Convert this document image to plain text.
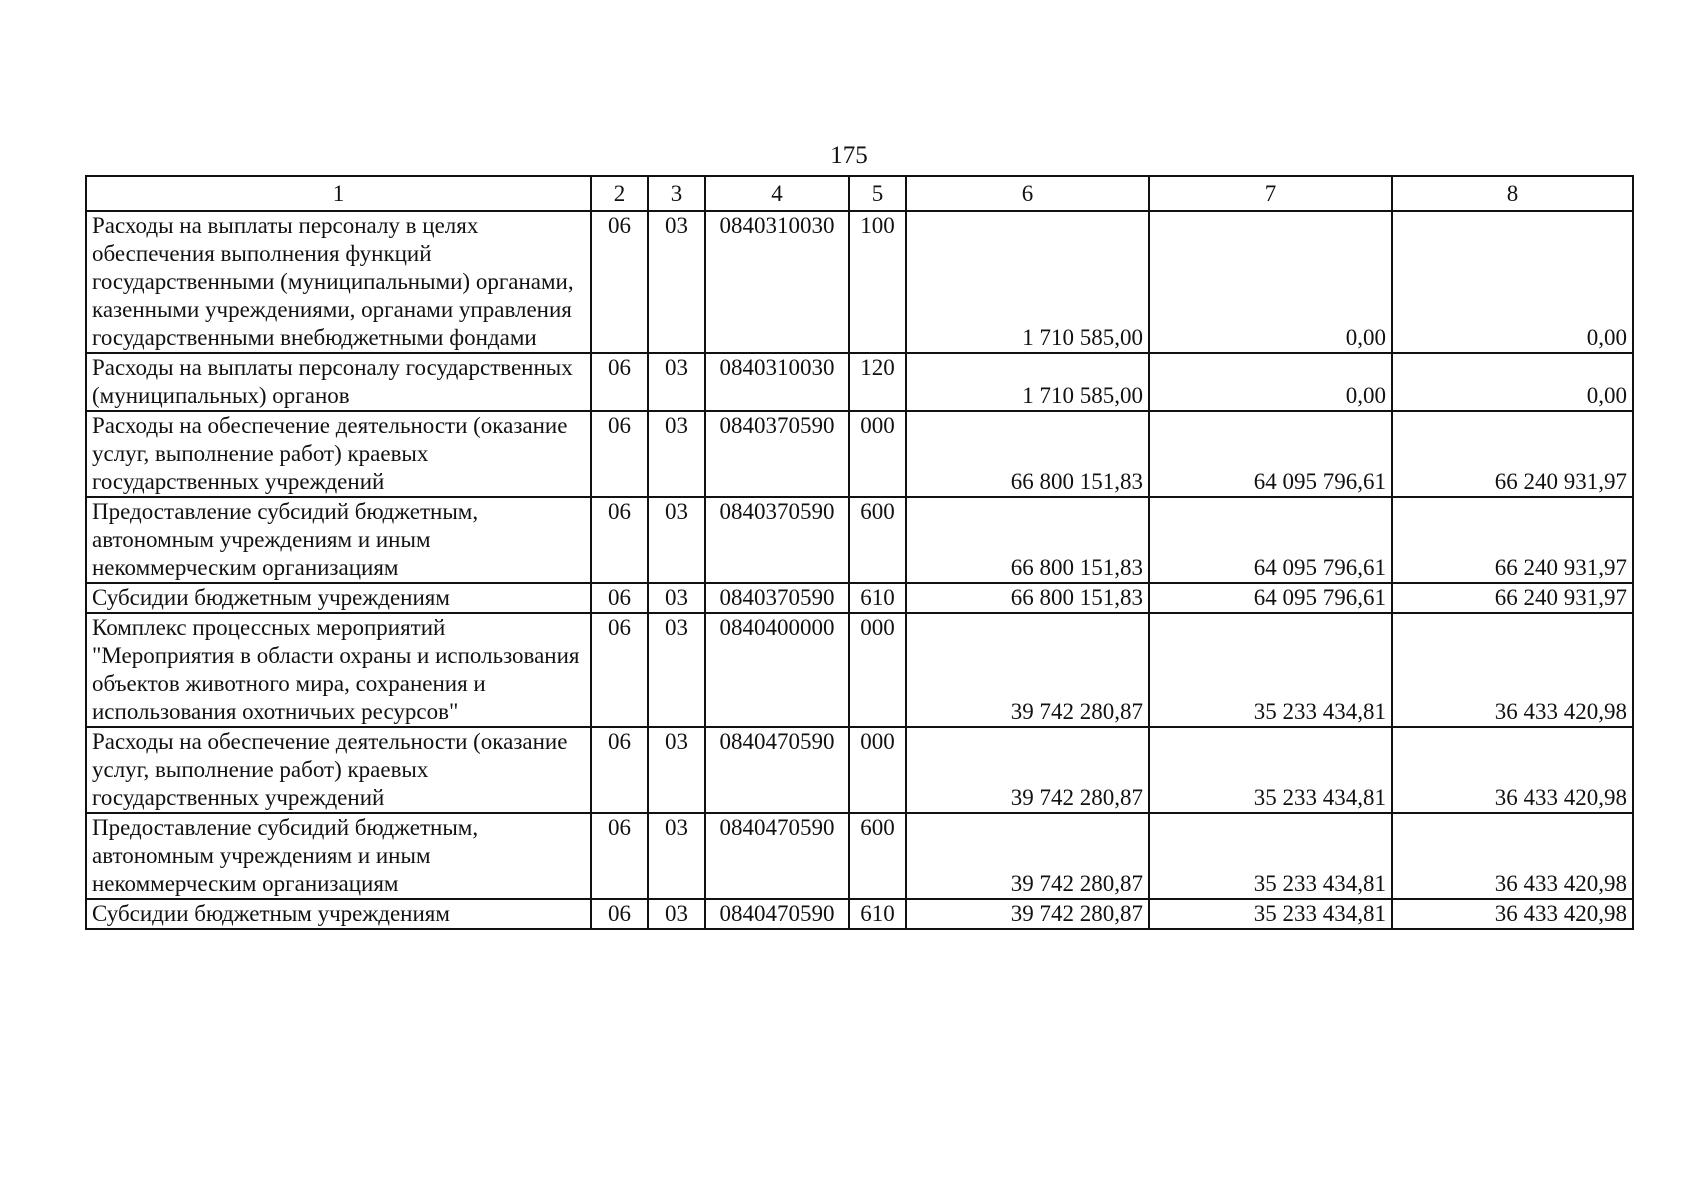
175
1	2	3	4	5	6	7	8
Расходы на выплаты персоналу в целях обеспечения выполнения функций государственными (муниципальными) органами, казенными учреждениями, органами управления государственными внебюджетными фондами	06	03	0840310030	100	1 710 585,00	0,00	0,00
Расходы на выплаты персоналу государственных (муниципальных) органов	06	03	0840310030	120	1 710 585,00	0,00	0,00
Расходы на обеспечение деятельности (оказание услуг, выполнение работ) краевых государственных учреждений	06	03	0840370590	000	66 800 151,83	64 095 796,61	66 240 931,97
Предоставление субсидий бюджетным, автономным учреждениям и иным некоммерческим организациям	06	03	0840370590	600	66 800 151,83	64 095 796,61	66 240 931,97
Субсидии бюджетным учреждениям	06	03	0840370590	610	66 800 151,83	64 095 796,61	66 240 931,97
Комплекс процессных мероприятий "Мероприятия в области охраны и использования объектов животного мира, сохранения и использования охотничьих ресурсов"	06	03	0840400000	000	39 742 280,87	35 233 434,81	36 433 420,98
Расходы на обеспечение деятельности (оказание услуг, выполнение работ) краевых государственных учреждений	06	03	0840470590	000	39 742 280,87	35 233 434,81	36 433 420,98
Предоставление субсидий бюджетным, автономным учреждениям и иным некоммерческим организациям	06	03	0840470590	600	39 742 280,87	35 233 434,81	36 433 420,98
Субсидии бюджетным учреждениям	06	03	0840470590	610	39 742 280,87	35 233 434,81	36 433 420,98
